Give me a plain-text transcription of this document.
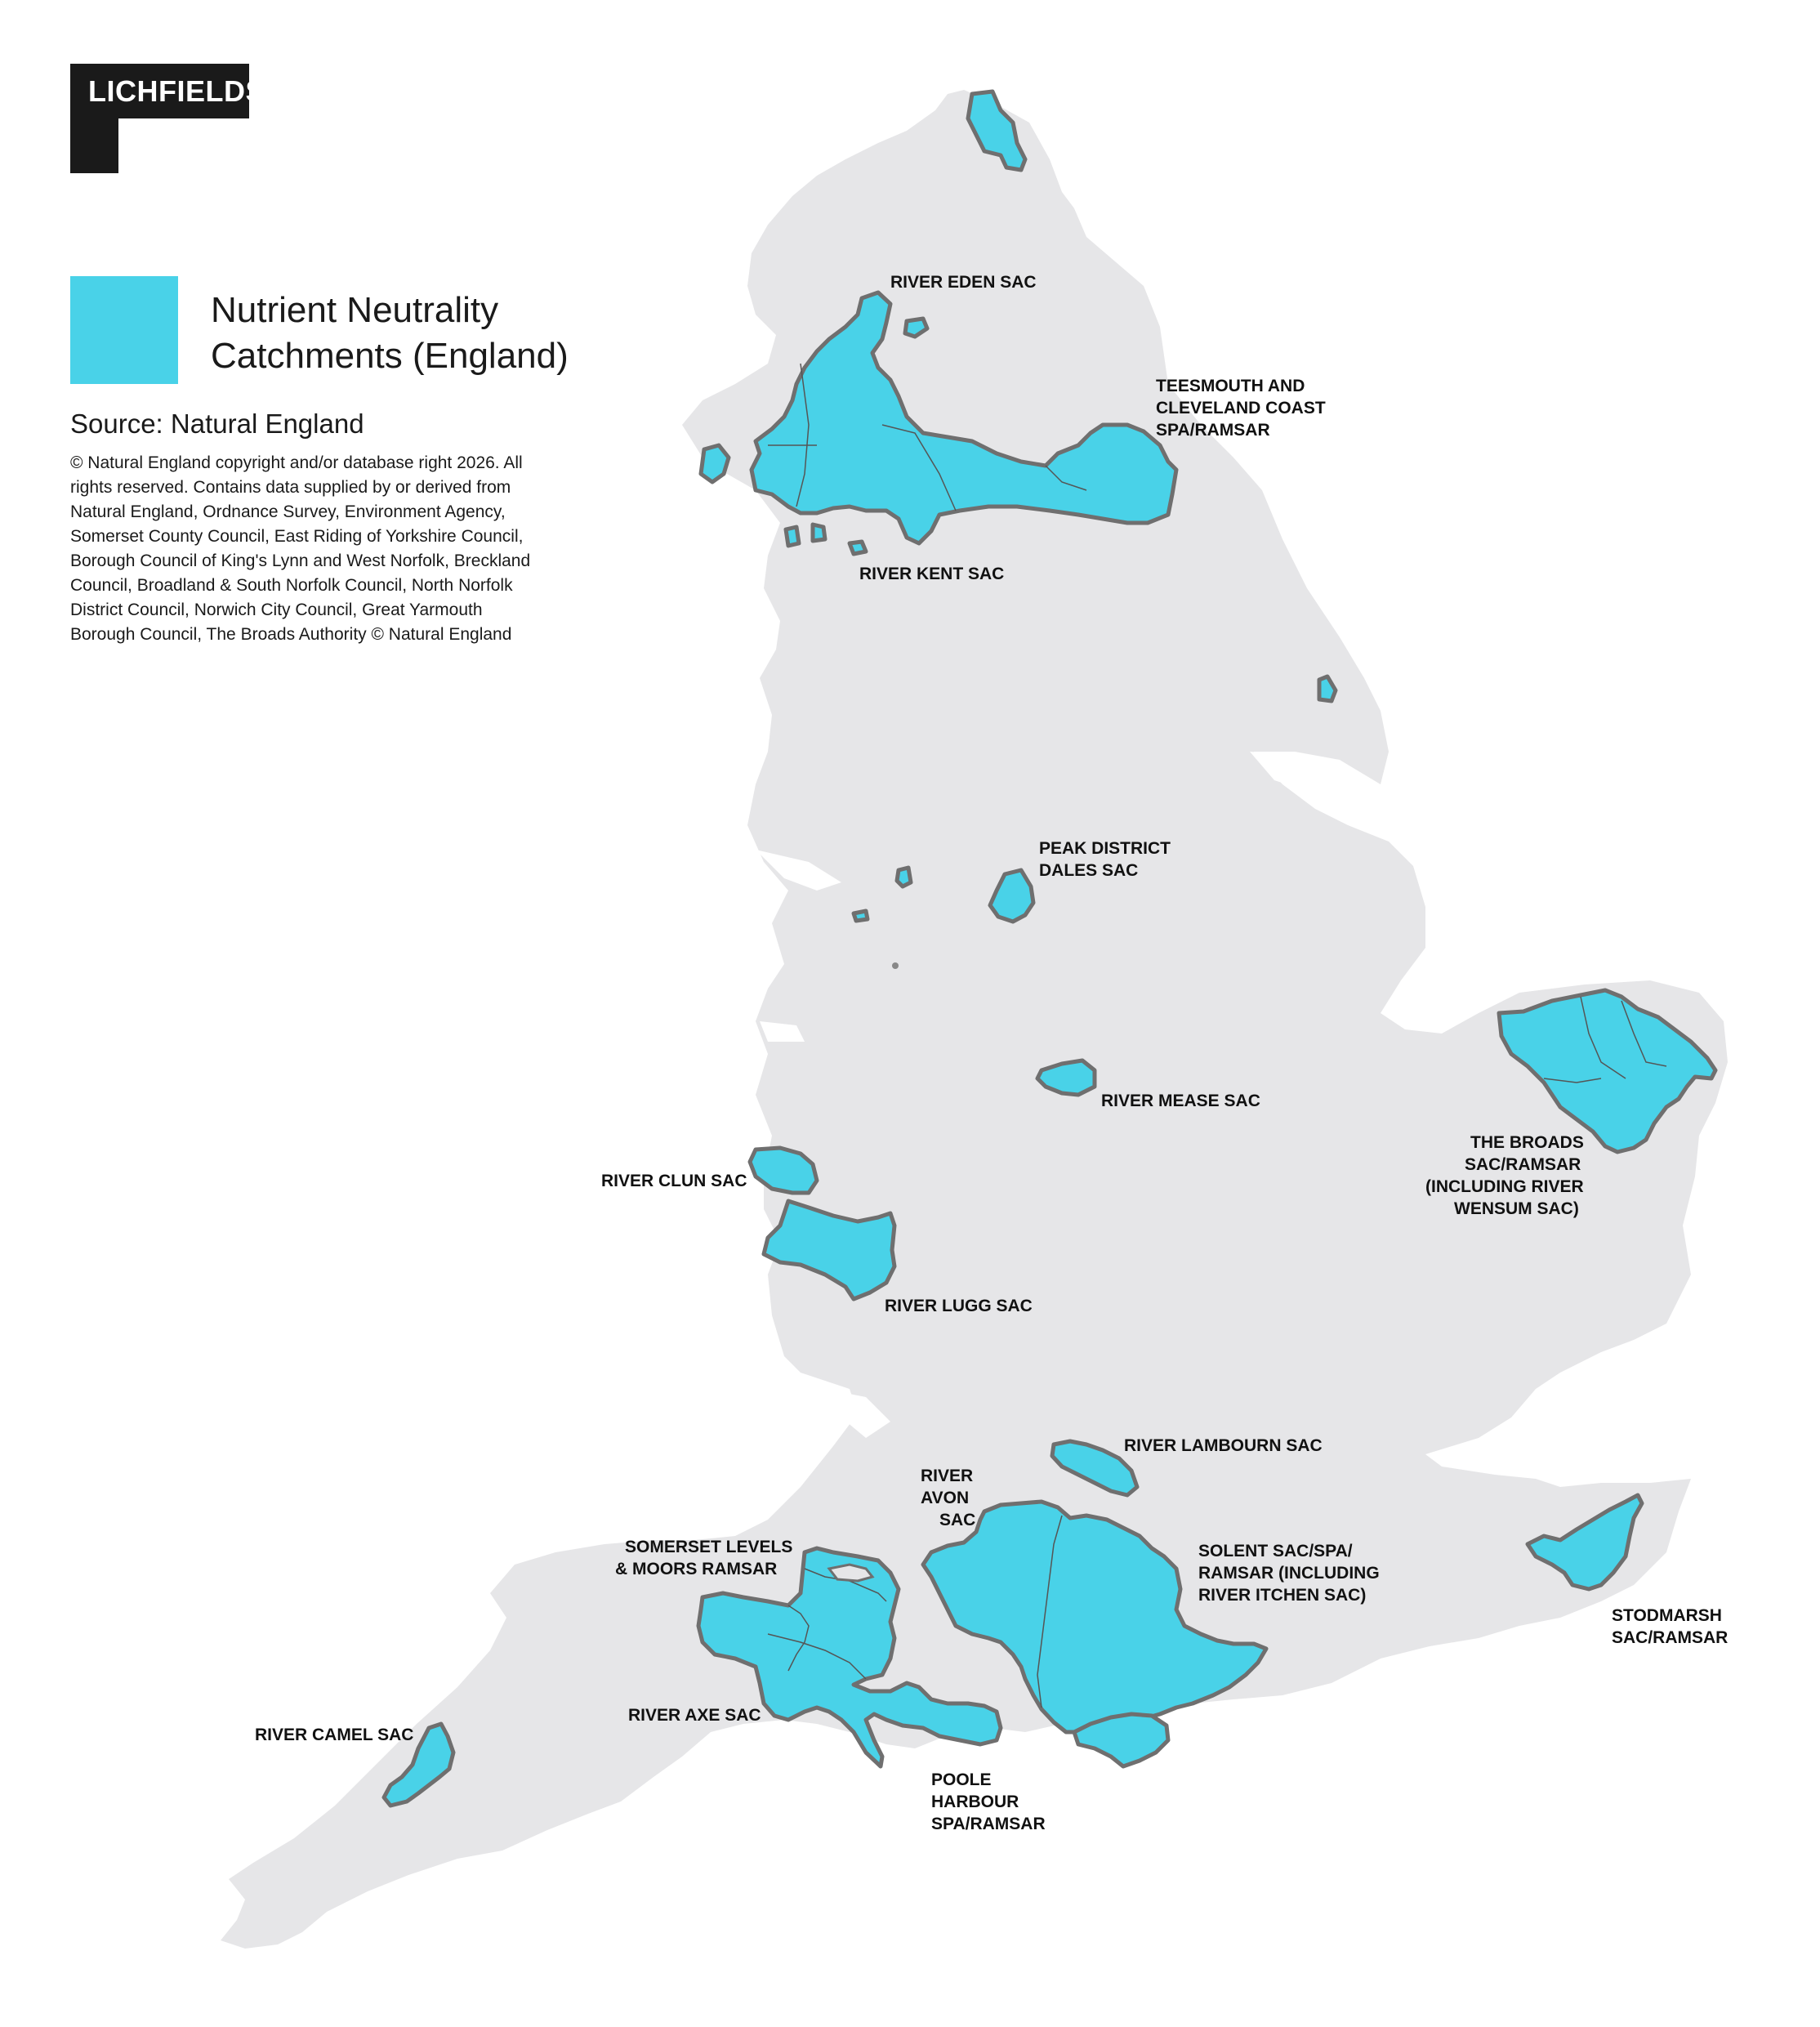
LICHFIELDS
Nutrient Neutrality
Catchments (England)
Source: Natural England
© Natural England copyright and/or database right 2026. All
rights reserved. Contains data supplied by or derived from
Natural England, Ordnance Survey, Environment Agency,
Somerset County Council, East Riding of Yorkshire Council,
Borough Council of King's Lynn and West Norfolk, Breckland
Council, Broadland & South Norfolk Council, North Norfolk
District Council, Norwich City Council, Great Yarmouth
Borough Council, The Broads Authority © Natural England
RIVER EDEN SAC
TEESMOUTH AND
CLEVELAND COAST
SPA/RAMSAR
RIVER KENT SAC
PEAK DISTRICT
DALES SAC
RIVER MEASE SAC
THE BROADS
SAC/RAMSAR
(INCLUDING RIVER
WENSUM SAC)
RIVER CLUN SAC
RIVER LUGG SAC
RIVER LAMBOURN SAC
RIVER
AVON
SAC
SOMERSET LEVELS
& MOORS RAMSAR
SOLENT SAC/SPA/
RAMSAR (INCLUDING
RIVER ITCHEN SAC)
STODMARSH
SAC/RAMSAR
RIVER AXE SAC
RIVER CAMEL SAC
POOLE
HARBOUR
SPA/RAMSAR
